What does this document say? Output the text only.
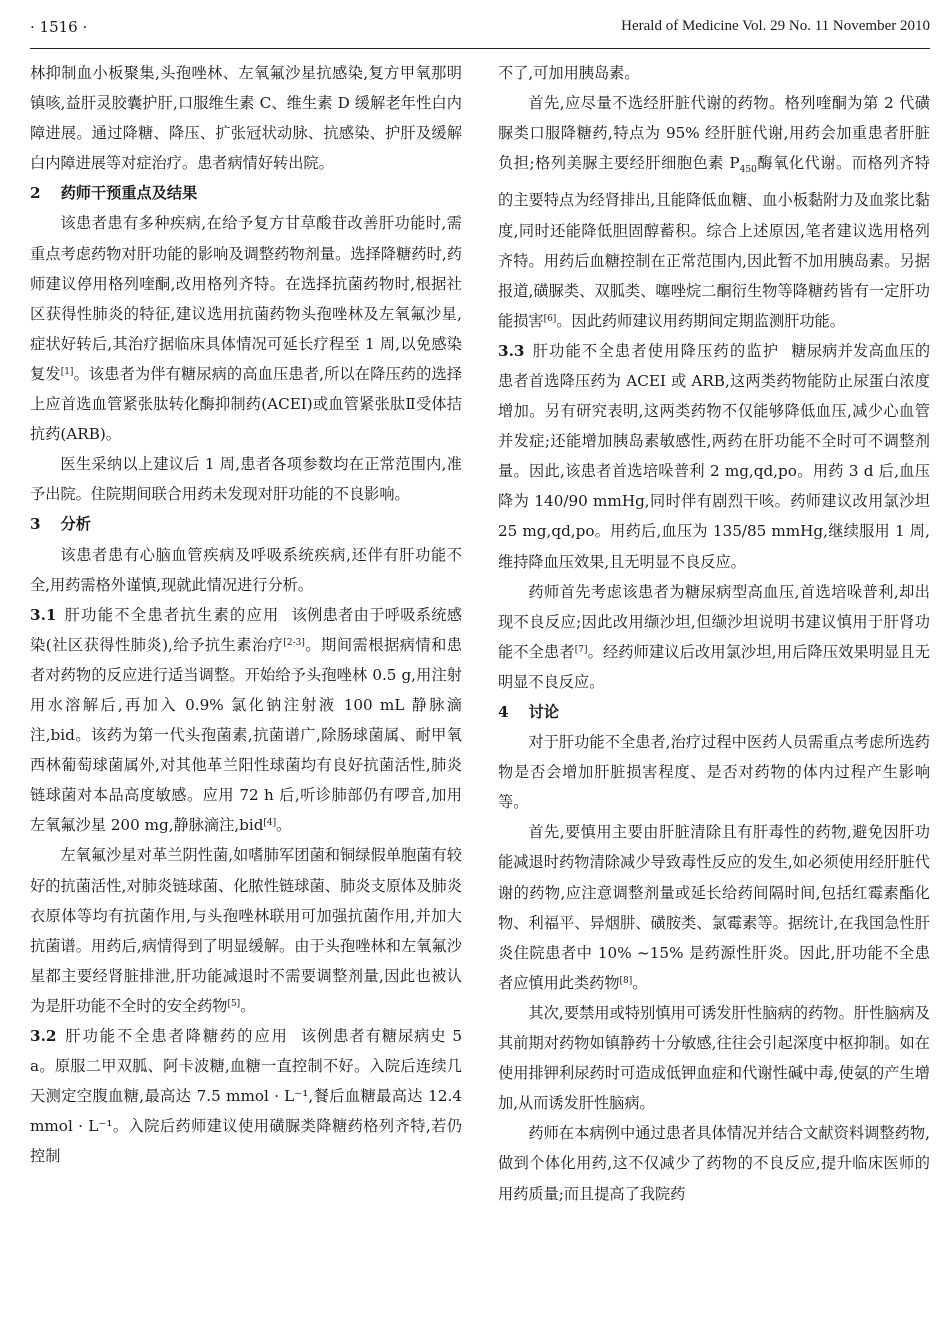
· 1516 ·	Herald of Medicine Vol. 29 No. 11 November 2010

林抑制血小板聚集,头孢唑林、左氧氟沙星抗感染,复方甲氧那明镇咳,益肝灵胶囊护肝,口服维生素 C、维生素 D 缓解老年性白内障进展。通过降糖、降压、扩张冠状动脉、抗感染、护肝及缓解白内障进展等对症治疗。患者病情好转出院。

2 药师干预重点及结果

该患者患有多种疾病,在给予复方甘草酸苷改善肝功能时,需重点考虑药物对肝功能的影响及调整药物剂量。选择降糖药时,药师建议停用格列喹酮,改用格列齐特。在选择抗菌药物时,根据社区获得性肺炎的特征,建议选用抗菌药物头孢唑林及左氧氟沙星,症状好转后,其治疗据临床具体情况可延长疗程至 1 周,以免感染复发[1]。该患者为伴有糖尿病的高血压患者,所以在降压药的选择上应首选血管紧张肽转化酶抑制药(ACEI)或血管紧张肽Ⅱ受体拮抗药(ARB)。

医生采纳以上建议后 1 周,患者各项参数均在正常范围内,准予出院。住院期间联合用药未发现对肝功能的不良影响。

3 分析

该患者患有心脑血管疾病及呼吸系统疾病,还伴有肝功能不全,用药需格外谨慎,现就此情况进行分析。

3.1 肝功能不全患者抗生素的应用 该例患者由于呼吸系统感染(社区获得性肺炎),给予抗生素治疗[2-3]。期间需根据病情和患者对药物的反应进行适当调整。开始给予头孢唑林 0.5 g,用注射用水溶解后,再加入 0.9% 氯化钠注射液 100 mL 静脉滴注,bid。该药为第一代头孢菌素,抗菌谱广,除肠球菌属、耐甲氧西林葡萄球菌属外,对其他革兰阳性球菌均有良好抗菌活性,肺炎链球菌对本品高度敏感。应用 72 h 后,听诊肺部仍有啰音,加用左氧氟沙星 200 mg,静脉滴注,bid[4]。

左氧氟沙星对革兰阴性菌,如嗜肺军团菌和铜绿假单胞菌有较好的抗菌活性,对肺炎链球菌、化脓性链球菌、肺炎支原体及肺炎衣原体等均有抗菌作用,与头孢唑林联用可加强抗菌作用,并加大抗菌谱。用药后,病情得到了明显缓解。由于头孢唑林和左氧氟沙星都主要经肾脏排泄,肝功能减退时不需要调整剂量,因此也被认为是肝功能不全时的安全药物[5]。

3.2 肝功能不全患者降糖药的应用 该例患者有糖尿病史 5 a。原服二甲双胍、阿卡波糖,血糖一直控制不好。入院后连续几天测定空腹血糖,最高达 7.5 mmol · L⁻¹,餐后血糖最高达 12.4 mmol · L⁻¹。入院后药师建议使用磺脲类降糖药格列齐特,若仍控制

不了,可加用胰岛素。

首先,应尽量不选经肝脏代谢的药物。格列喹酮为第 2 代磺脲类口服降糖药,特点为 95% 经肝脏代谢,用药会加重患者肝脏负担;格列美脲主要经肝细胞色素 $P_{450}$酶氧化代谢。而格列齐特的主要特点为经肾排出,且能降低血糖、血小板黏附力及血浆比黏度,同时还能降低胆固醇蓄积。综合上述原因,笔者建议选用格列齐特。用药后血糖控制在正常范围内,因此暂不加用胰岛素。另据报道,磺脲类、双胍类、噻唑烷二酮衍生物等降糖药皆有一定肝功能损害[6]。因此药师建议用药期间定期监测肝功能。

3.3 肝功能不全患者使用降压药的监护 糖尿病并发高血压的患者首选降压药为 ACEI 或 ARB,这两类药物能防止尿蛋白浓度增加。另有研究表明,这两类药物不仅能够降低血压,减少心血管并发症;还能增加胰岛素敏感性,两药在肝功能不全时可不调整剂量。因此,该患者首选培哚普利 2 mg,qd,po。用药 3 d 后,血压降为 140/90 mmHg,同时伴有剧烈干咳。药师建议改用氯沙坦 25 mg,qd,po。用药后,血压为 135/85 mmHg,继续服用 1 周,维持降血压效果,且无明显不良反应。

药师首先考虑该患者为糖尿病型高血压,首选培哚普利,却出现不良反应;因此改用缬沙坦,但缬沙坦说明书建议慎用于肝肾功能不全患者[7]。经药师建议后改用氯沙坦,用后降压效果明显且无明显不良反应。

4 讨论

对于肝功能不全患者,治疗过程中医药人员需重点考虑所选药物是否会增加肝脏损害程度、是否对药物的体内过程产生影响等。

首先,要慎用主要由肝脏清除且有肝毒性的药物,避免因肝功能减退时药物清除减少导致毒性反应的发生,如必须使用经肝脏代谢的药物,应注意调整剂量或延长给药间隔时间,包括红霉素酯化物、利福平、异烟肼、磺胺类、氯霉素等。据统计,在我国急性肝炎住院患者中 10% ~15% 是药源性肝炎。因此,肝功能不全患者应慎用此类药物[8]。

其次,要禁用或特别慎用可诱发肝性脑病的药物。肝性脑病及其前期对药物如镇静药十分敏感,往往会引起深度中枢抑制。如在使用排钾利尿药时可造成低钾血症和代谢性碱中毒,使氨的产生增加,从而诱发肝性脑病。

药师在本病例中通过患者具体情况并结合文献资料调整药物,做到个体化用药,这不仅减少了药物的不良反应,提升临床医师的用药质量;而且提高了我院药
